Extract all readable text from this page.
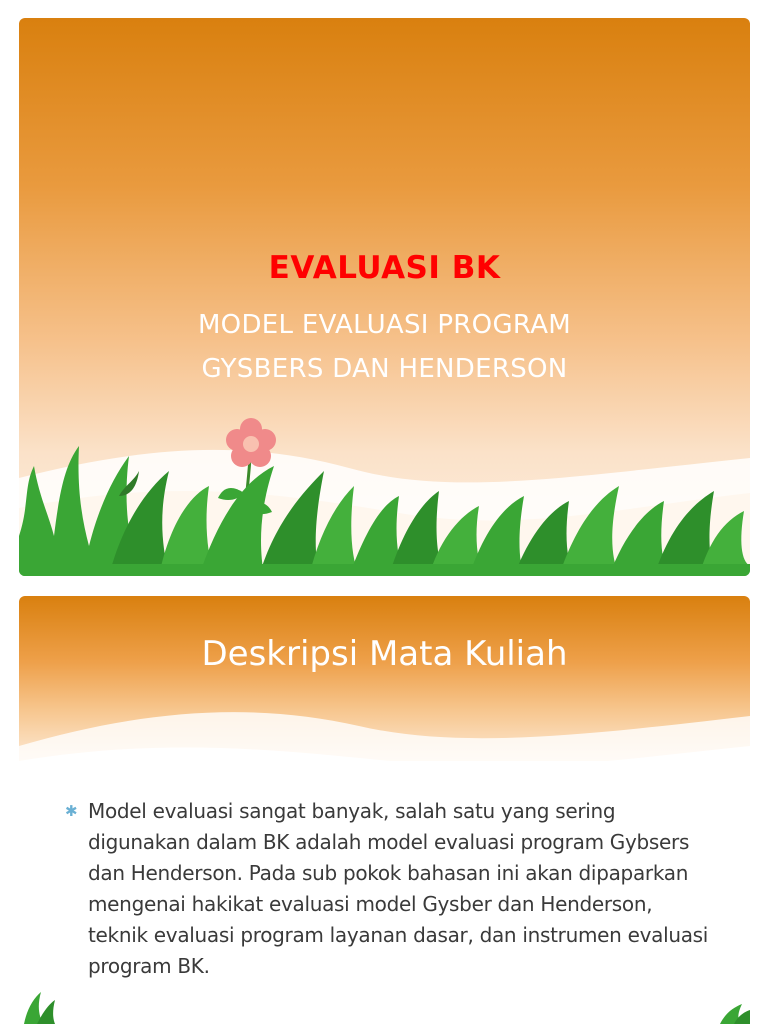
EVALUASI BK
MODEL EVALUASI PROGRAM
GYSBERS DAN HENDERSON
Deskripsi Mata Kuliah
✱ Model evaluasi sangat banyak, salah satu yang sering digunakan dalam BK adalah model evaluasi program Gybsers dan Henderson. Pada sub pokok bahasan ini akan dipaparkan mengenai hakikat evaluasi model Gysber dan Henderson, teknik evaluasi program layanan dasar, dan instrumen evaluasi program BK.
